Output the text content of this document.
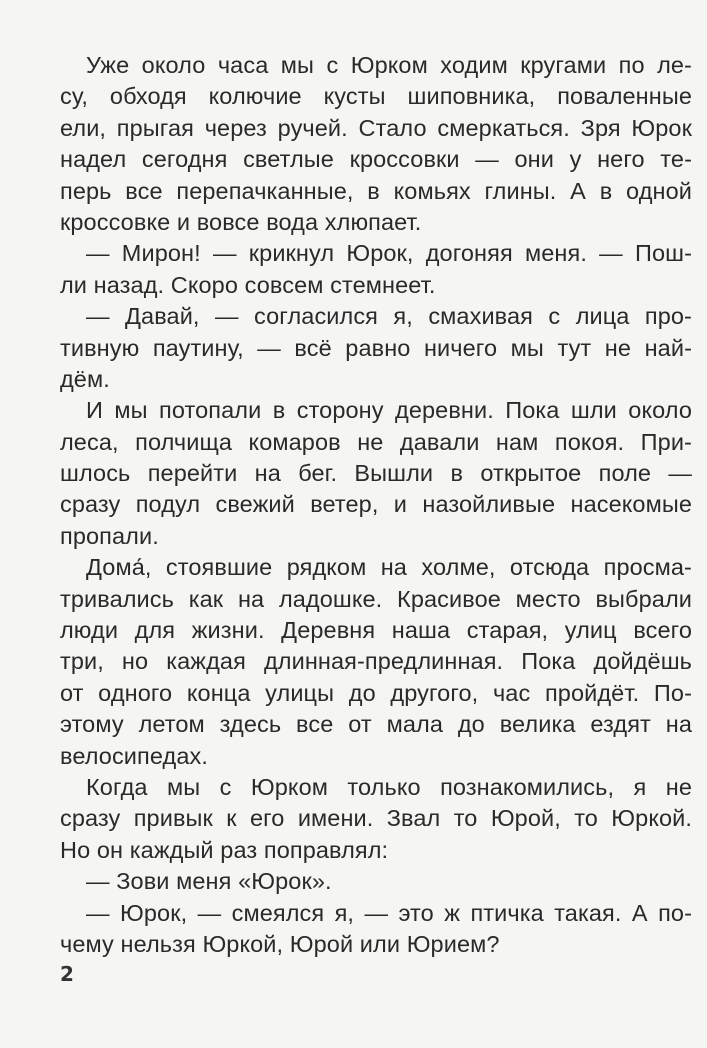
Уже около часа мы с Юрком ходим кругами по ле-
су, обходя колючие кусты шиповника, поваленные
ели, прыгая через ручей. Стало смеркаться. Зря Юрок
надел сегодня светлые кроссовки — они у него те-
перь все перепачканные, в комьях глины. А в одной
кроссовке и вовсе вода хлюпает.
— Мирон! — крикнул Юрок, догоняя меня. — Пош-
ли назад. Скоро совсем стемнеет.
— Давай, — согласился я, смахивая с лица про-
тивную паутину, — всё равно ничего мы тут не най-
дём.
И мы потопали в сторону деревни. Пока шли около
леса, полчища комаров не давали нам покоя. При-
шлось перейти на бег. Вышли в открытое поле —
сразу подул свежий ветер, и назойливые насекомые
пропали.
Дома́, стоявшие рядком на холме, отсюда просма-
тривались как на ладошке. Красивое место выбрали
люди для жизни. Деревня наша старая, улиц всего
три, но каждая длинная-предлинная. Пока дойдёшь
от одного конца улицы до другого, час пройдёт. По-
этому летом здесь все от мала до велика ездят на
велосипедах.
Когда мы с Юрком только познакомились, я не
сразу привык к его имени. Звал то Юрой, то Юркой.
Но он каждый раз поправлял:
— Зови меня «Юрок».
— Юрок, — смеялся я, — это ж птичка такая. А по-
чему нельзя Юркой, Юрой или Юрием?
2
